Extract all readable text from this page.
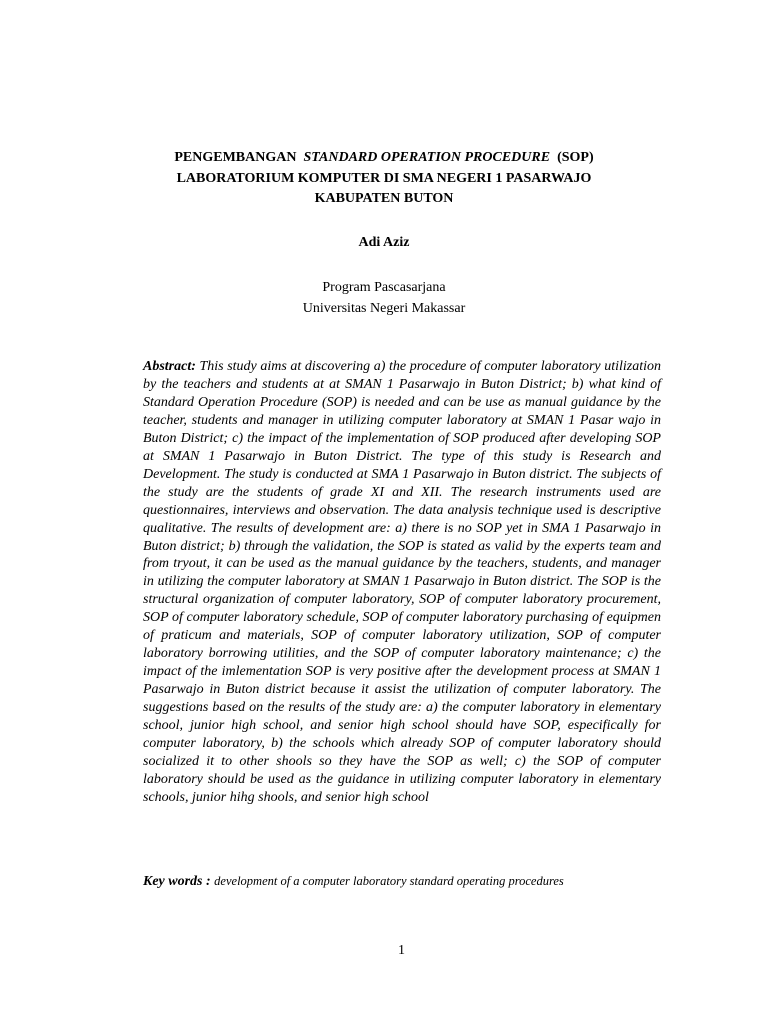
PENGEMBANGAN STANDARD OPERATION PROCEDURE (SOP)
LABORATORIUM KOMPUTER DI SMA NEGERI 1 PASARWAJO
KABUPATEN BUTON
Adi Aziz
Program Pascasarjana
Universitas Negeri Makassar
Abstract: This study aims at discovering a) the procedure of computer laboratory utilization by the teachers and students at at SMAN 1 Pasarwajo in Buton District; b) what kind of Standard Operation Procedure (SOP) is needed and can be use as manual guidance by the teacher, students and manager in utilizing computer laboratory at SMAN 1 Pasar wajo in Buton District; c) the impact of the implementation of SOP produced after developing SOP at SMAN 1 Pasarwajo in Buton District. The type of this study is Research and Development. The study is conducted at SMA 1 Pasarwajo in Buton district. The subjects of the study are the students of grade XI and XII. The research instruments used are questionnaires, interviews and observation. The data analysis technique used is descriptive qualitative. The results of development are: a) there is no SOP yet in SMA 1 Pasarwajo in Buton district; b) through the validation, the SOP is stated as valid by the experts team and from tryout, it can be used as the manual guidance by the teachers, students, and manager in utilizing the computer laboratory at SMAN 1 Pasarwajo in Buton district. The SOP is the structural organization of computer laboratory, SOP of computer laboratory procurement, SOP of computer laboratory schedule, SOP of computer laboratory purchasing of equipmen of praticum and materials, SOP of computer laboratory utilization, SOP of computer laboratory borrowing utilities, and the SOP of computer laboratory maintenance; c) the impact of the imlementation SOP is very positive after the development process at SMAN 1 Pasarwajo in Buton district because it assist the utilization of computer laboratory. The suggestions based on the results of the study are: a) the computer laboratory in elementary school, junior high school, and senior high school should have SOP, especifically for computer laboratory, b) the schools which already SOP of computer laboratory should socialized it to other shools so they have the SOP as well; c) the SOP of computer laboratory should be used as the guidance in utilizing computer laboratory in elementary schools, junior hihg shools, and senior high school
Key words : development of a computer laboratory standard operating procedures
1
